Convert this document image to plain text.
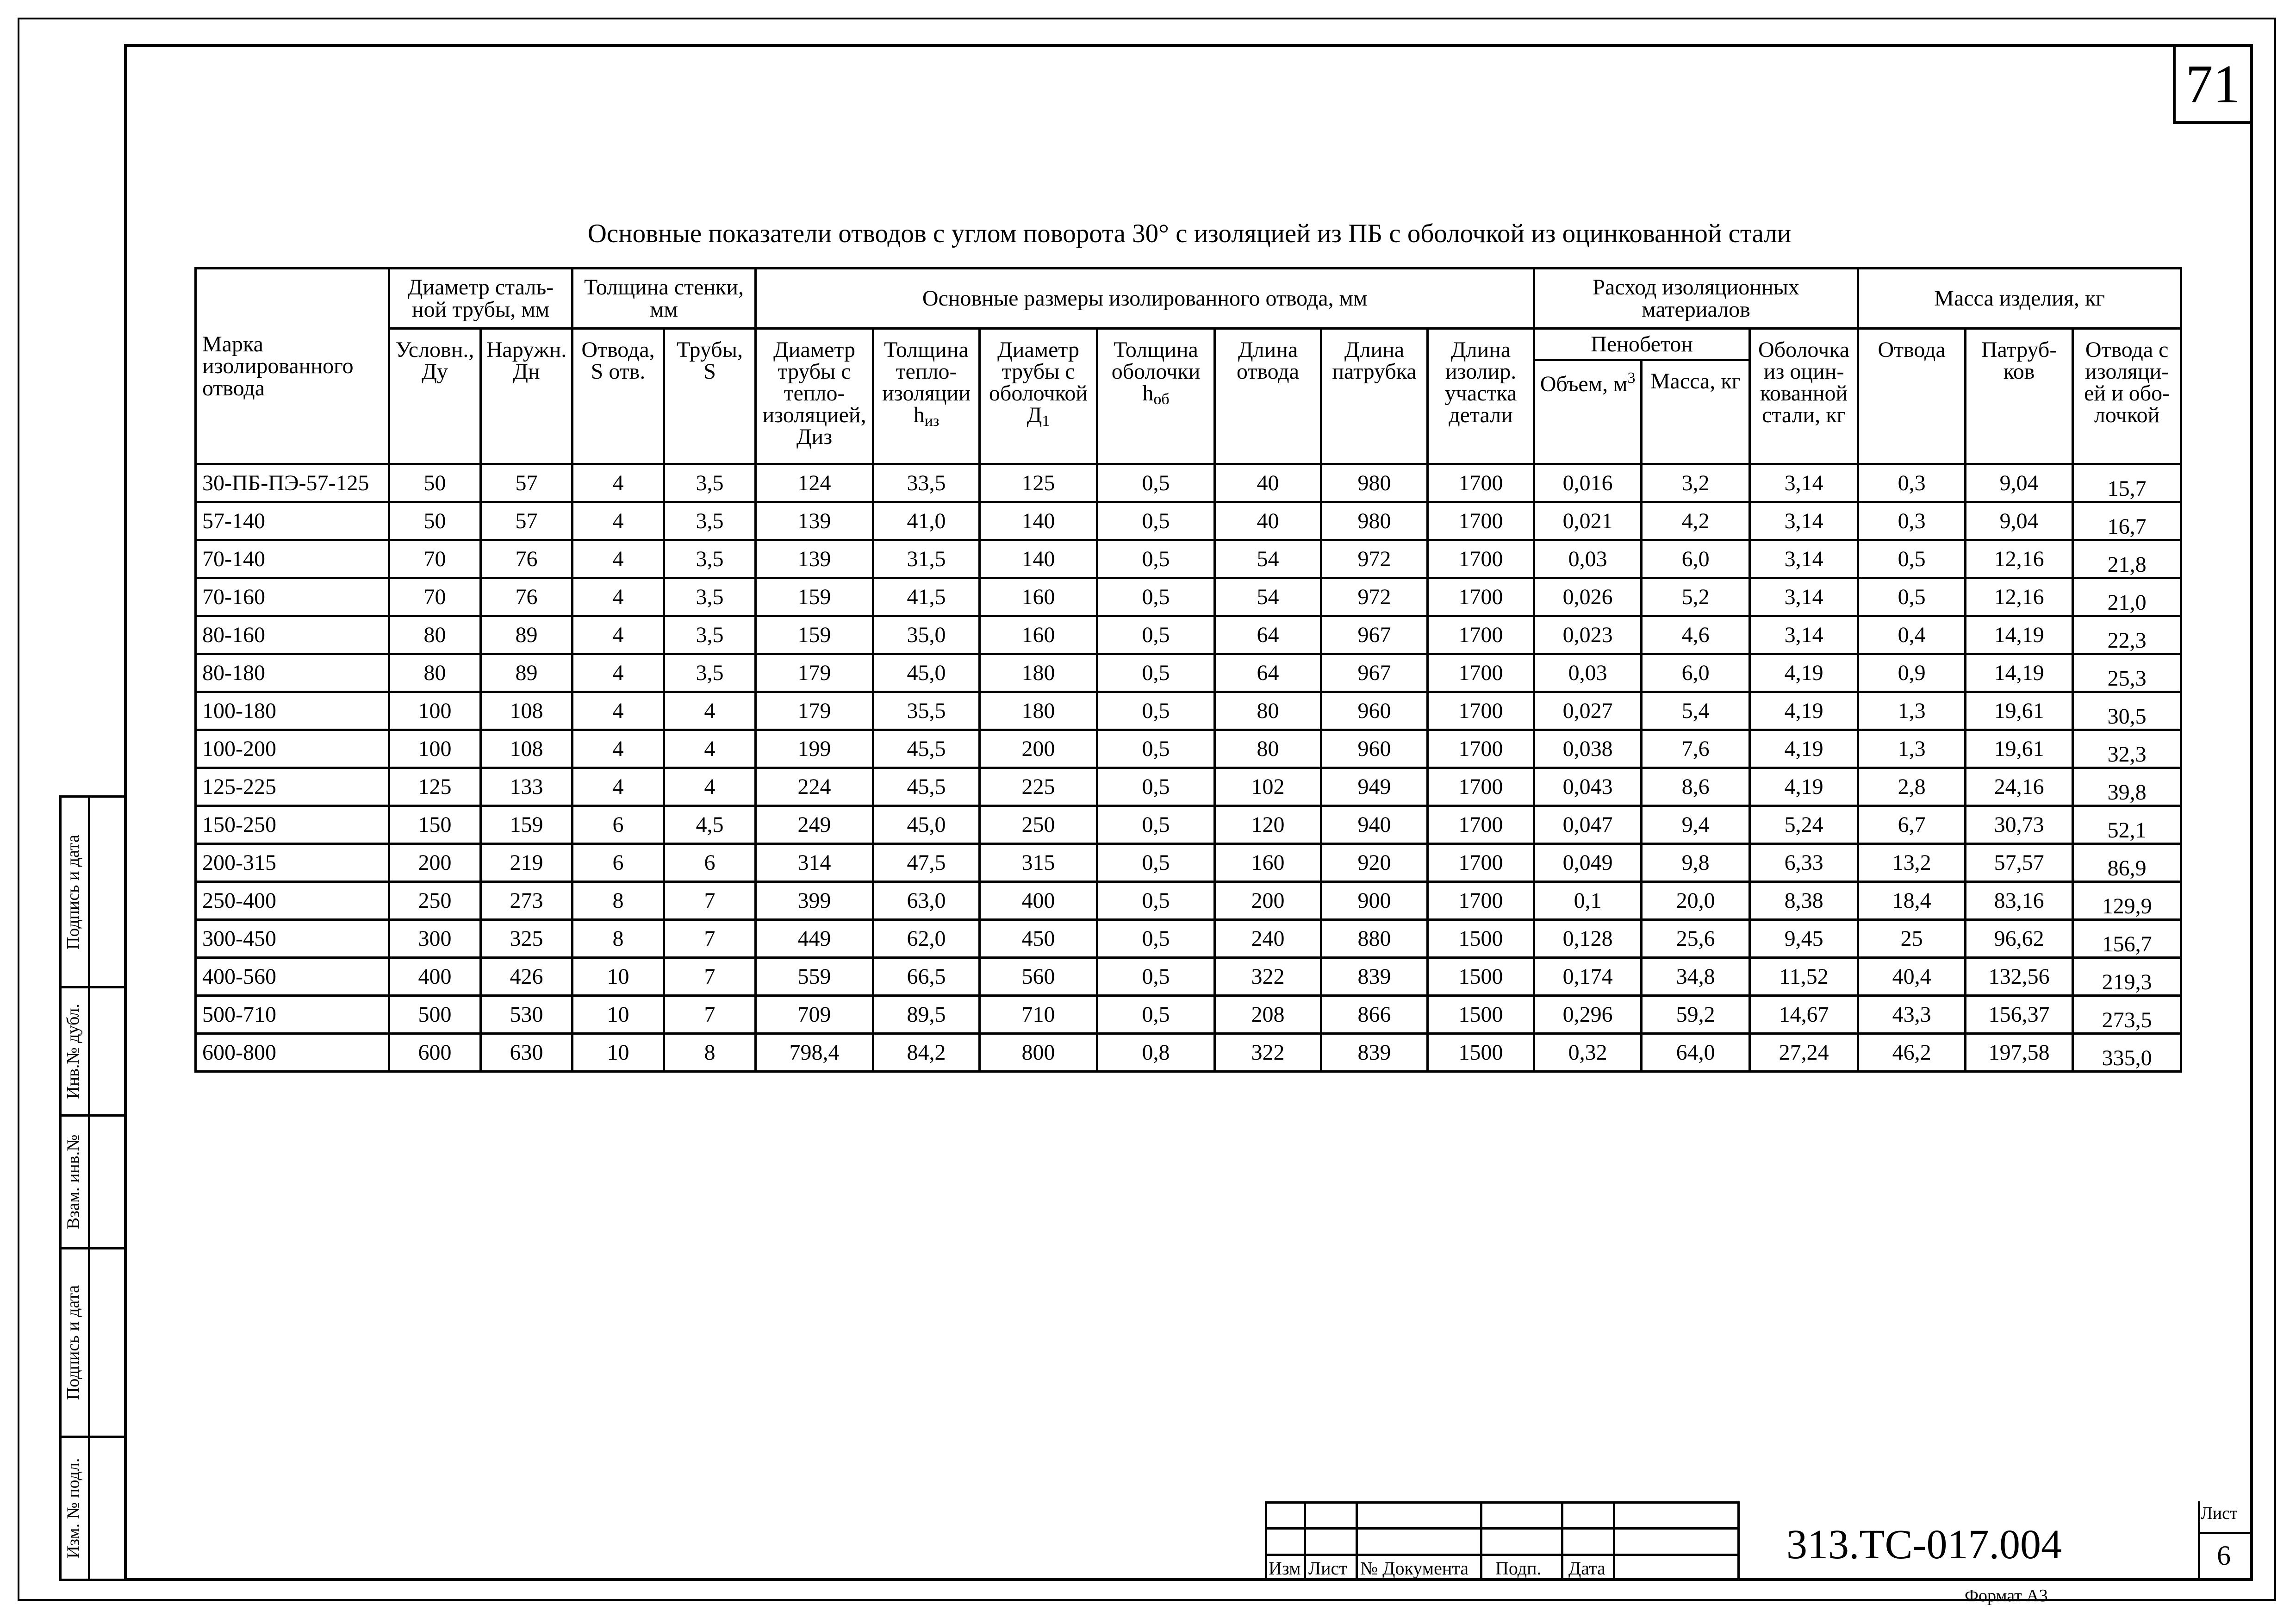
71
Основные показатели отводов с углом поворота 30° с изоляцией из ПБ с оболочкой из оцинкованной стали
Марка изолированного отвода	Диаметр сталь-ной трубы, мм		Толщина стенки, мм		Основные размеры изолированного отвода, мм							Расход изоляционных материалов			Масса изделия, кг		
	Условн., Ду	Наружн. Дн	Отвода, S отв.	Трубы, S	Диаметр трубы с тепло-изоляцией, Диз	Толщина тепло-изоляции $h_{из}$	Диаметр трубы с оболочкой $Д_1$	Толщина оболочки $h_{об}$	Длина отвода	Длина патрубка	Длина изолир. участка детали	Пенобетон		Оболочка из оцин-кованной стали, кг	Отвода	Патруб-ков	Отвода с изоляци-ей и обо-лочкой
												Объем, $м^3$	Масса, кг				
30-ПБ-ПЭ-57-125	50	57	4	3,5	124	33,5	125	0,5	40	980	1700	0,016	3,2	3,14	0,3	9,04	15,7
57-140	50	57	4	3,5	139	41,0	140	0,5	40	980	1700	0,021	4,2	3,14	0,3	9,04	16,7
70-140	70	76	4	3,5	139	31,5	140	0,5	54	972	1700	0,03	6,0	3,14	0,5	12,16	21,8
70-160	70	76	4	3,5	159	41,5	160	0,5	54	972	1700	0,026	5,2	3,14	0,5	12,16	21,0
80-160	80	89	4	3,5	159	35,0	160	0,5	64	967	1700	0,023	4,6	3,14	0,4	14,19	22,3
80-180	80	89	4	3,5	179	45,0	180	0,5	64	967	1700	0,03	6,0	4,19	0,9	14,19	25,3
100-180	100	108	4	4	179	35,5	180	0,5	80	960	1700	0,027	5,4	4,19	1,3	19,61	30,5
100-200	100	108	4	4	199	45,5	200	0,5	80	960	1700	0,038	7,6	4,19	1,3	19,61	32,3
125-225	125	133	4	4	224	45,5	225	0,5	102	949	1700	0,043	8,6	4,19	2,8	24,16	39,8
150-250	150	159	6	4,5	249	45,0	250	0,5	120	940	1700	0,047	9,4	5,24	6,7	30,73	52,1
200-315	200	219	6	6	314	47,5	315	0,5	160	920	1700	0,049	9,8	6,33	13,2	57,57	86,9
250-400	250	273	8	7	399	63,0	400	0,5	200	900	1700	0,1	20,0	8,38	18,4	83,16	129,9
300-450	300	325	8	7	449	62,0	450	0,5	240	880	1500	0,128	25,6	9,45	25	96,62	156,7
400-560	400	426	10	7	559	66,5	560	0,5	322	839	1500	0,174	34,8	11,52	40,4	132,56	219,3
500-710	500	530	10	7	709	89,5	710	0,5	208	866	1500	0,296	59,2	14,67	43,3	156,37	273,5
600-800	600	630	10	8	798,4	84,2	800	0,8	322	839	1500	0,32	64,0	27,24	46,2	197,58	335,0
Подпись и дата
Инв.№ дубл.
Взам. инв.№
Подпись и дата
Изм. № подл.
Изм Лист № Документа Подп. Дата
313.ТС-017.004
Лист
6
Формат А3
